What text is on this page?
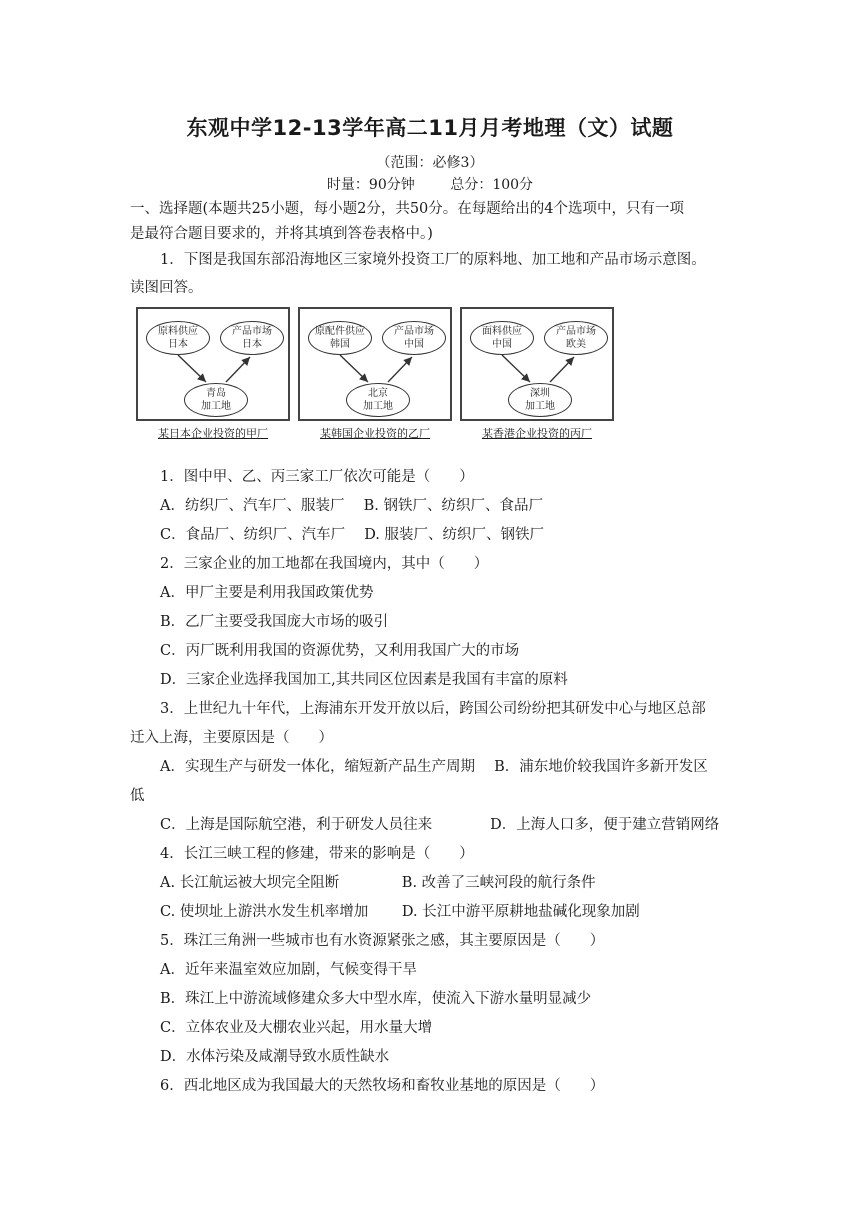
东观中学12-13学年高二11月月考地理（文）试题
（范围：必修3）
时量：90分钟        总分：100分
一、选择题(本题共25小题，每小题2分，共50分。在每题给出的4个选项中，只有一项
是最符合题目要求的，并将其填到答卷表格中。)
1．下图是我国东部沿海地区三家境外投资工厂的原料地、加工地和产品市场示意图。
读图回答。
原料供应
日本
产品市场
日本
青岛
加工地
某日本企业投资的甲厂
原配件供应
韩国
产品市场
中国
北京
加工地
某韩国企业投资的乙厂
面料供应
中国
产品市场
欧美
深圳
加工地
某香港企业投资的丙厂
1．图中甲、乙、丙三家工厂依次可能是（　　）
A．纺织厂、汽车厂、服装厂　 B. 钢铁厂、纺织厂、食品厂
C．食品厂、纺织厂、汽车厂　 D. 服装厂、纺织厂、钢铁厂
2．三家企业的加工地都在我国境内，其中（　　）
A．甲厂主要是利用我国政策优势
B．乙厂主要受我国庞大市场的吸引
C．丙厂既利用我国的资源优势，又利用我国广大的市场
D．三家企业选择我国加工,其共同区位因素是我国有丰富的原料
3．上世纪九十年代，上海浦东开发开放以后，跨国公司纷纷把其研发中心与地区总部
迁入上海，主要原因是（　　）
A．实现生产与研发一体化，缩短新产品生产周期　 B．浦东地价较我国许多新开发区
低
C．上海是国际航空港，利于研发人员往来　　　　D．上海人口多，便于建立营销网络
4．长江三峡工程的修建，带来的影响是（　　）
A. 长江航运被大坝完全阻断　　　　 B. 改善了三峡河段的航行条件
C. 使坝址上游洪水发生机率增加　　 D. 长江中游平原耕地盐碱化现象加剧
5．珠江三角洲一些城市也有水资源紧张之感，其主要原因是（　　）
A．近年来温室效应加剧，气候变得干旱
B．珠江上中游流域修建众多大中型水库，使流入下游水量明显减少
C．立体农业及大棚农业兴起，用水量大增
D．水体污染及咸潮导致水质性缺水
6．西北地区成为我国最大的天然牧场和畜牧业基地的原因是（　　）
